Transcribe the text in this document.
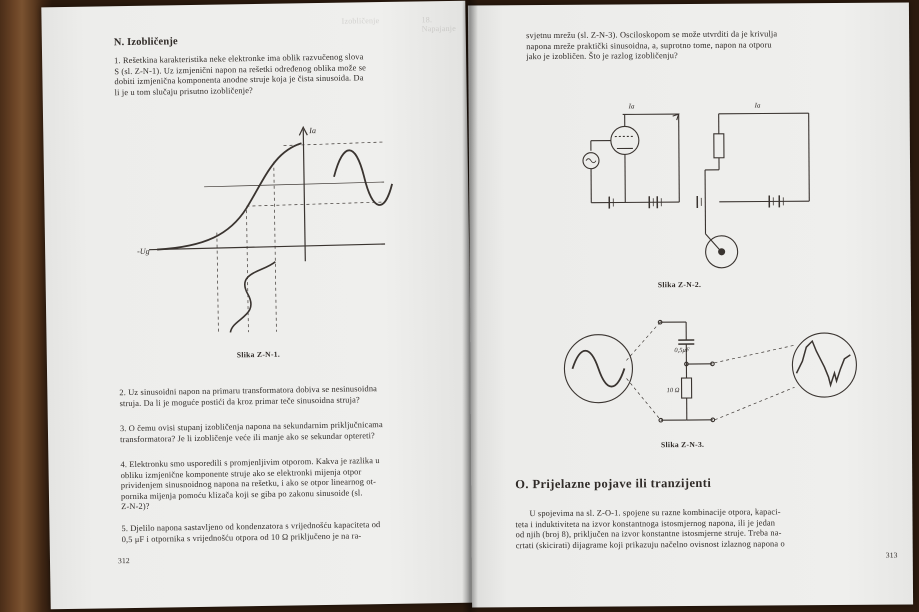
Izobličenje	18. Napajanje
N. Izobličenje

1. Rešetkina karakteristika neke elektronke ima oblik razvučenog slova

S (sl. Z-N-1). Uz izmjenični napon na rešetki određenog oblika može se

dobiti izmjenična komponenta anodne struje koja je čista sinusoida. Da

li je u tom slučaju prisutno izobličenje?

Ia
-Ug
Slika Z-N-1.

2. Uz sinusoidni napon na primaru transformatora dobiva se nesinusoidna

struja. Da li je moguće postići da kroz primar teče sinusoidna struja?

3. O čemu ovisi stupanj izobličenja napona na sekundarnim priključnicama

transformatora? Je li izobličenje veće ili manje ako se sekundar optereti?

4. Elektronku smo usporedili s promjenljivim otporom. Kakva je razlika u

obliku izmjenične komponente struje ako se elektronki mijenja otpor

prividenjem sinusnoidnog napona na rešetku, i ako se otpor linearnog ot-

pornika mijenja pomoću klizača koji se giba po zakonu sinusoide (sl.

Z-N-2)?

5. Djelilo napona sastavljeno od kondenzatora s vrijednošću kapaciteta od

0,5 μF i otpornika s vrijednošću otpora od 10 Ω priključeno je na ra-

312

svjetnu mrežu (sl. Z-N-3). Osciloskopom se može utvrditi da je krivulja

napona mreže praktički sinusoidna, a, suprotno tome, napon na otporu

jako je izobličen. Što je razlog izobličenju?

Ia	Ia
Slika Z-N-2.
0,5μF
10 Ω
Slika Z-N-3.
O. Prijelazne pojave ili tranzijenti

U spojevima na sl. Z-O-1. spojene su razne kombinacije otpora, kapaci-

teta i induktiviteta na izvor konstantnoga istosmjernog napona, ili je jedan

od njih (broj 8), priključen na izvor konstantne istosmjerne struje. Treba na-

crtati (skicirati) dijagrame koji prikazuju načelno ovisnost izlaznog napona o

313
